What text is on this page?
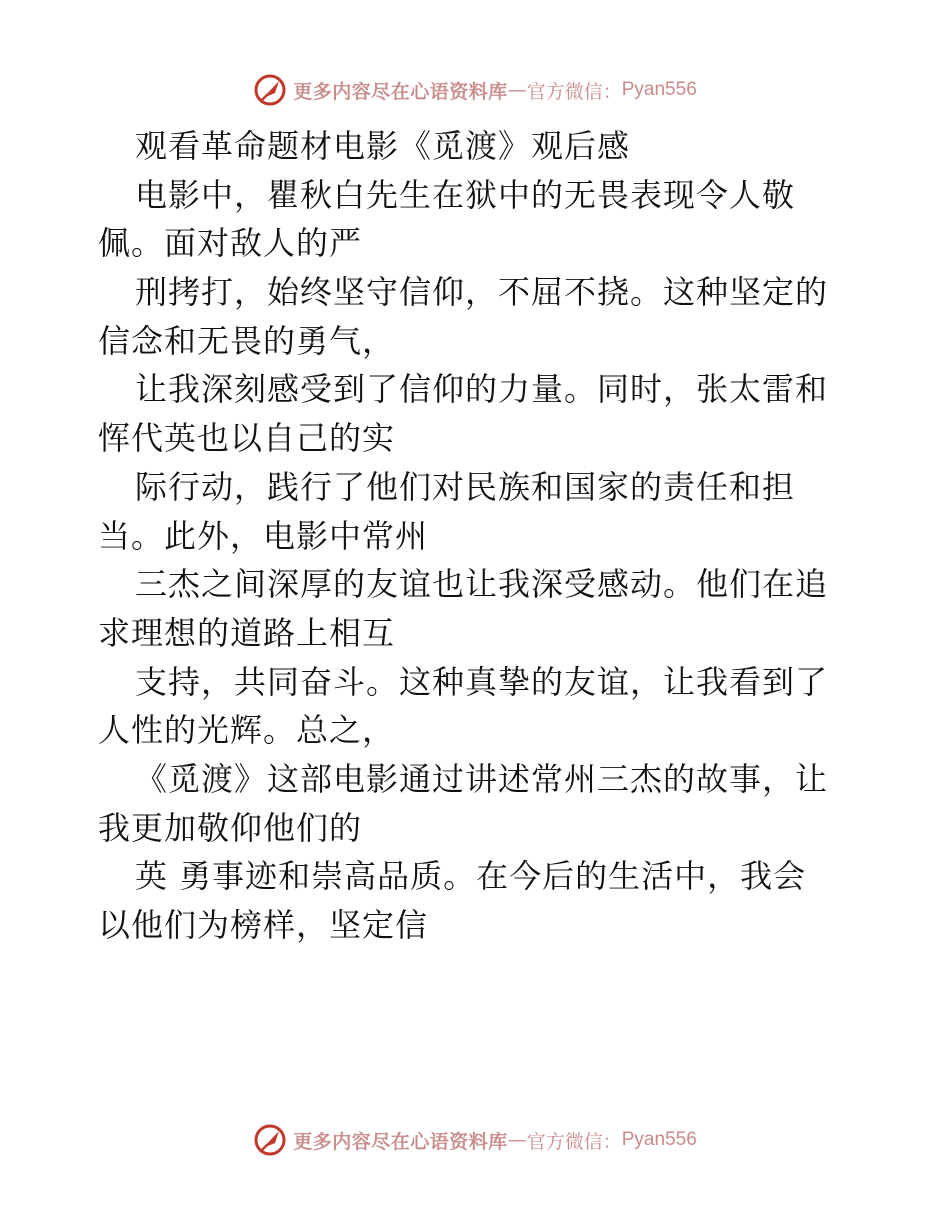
更多内容尽在心语资料库 — 官方微信： Pyan556
观看革命题材电影《觅渡》观后感
电影中，瞿秋白先生在狱中的无畏表现令人敬
佩。面对敌人的严
刑拷打，始终坚守信仰，不屈不挠。这种坚定的
信念和无畏的勇气，
让我深刻感受到了信仰的力量。同时，张太雷和
恽代英也以自己的实
际行动，践行了他们对民族和国家的责任和担
当。此外，电影中常州
三杰之间深厚的友谊也让我深受感动。他们在追
求理想的道路上相互
支持，共同奋斗。这种真挚的友谊，让我看到了
人性的光辉。总之，
《觅渡》这部电影通过讲述常州三杰的故事，让
我更加敬仰他们的
英 勇事迹和崇高品质。在今后的生活中，我会
以他们为榜样，坚定信
更多内容尽在心语资料库 — 官方微信： Pyan556
